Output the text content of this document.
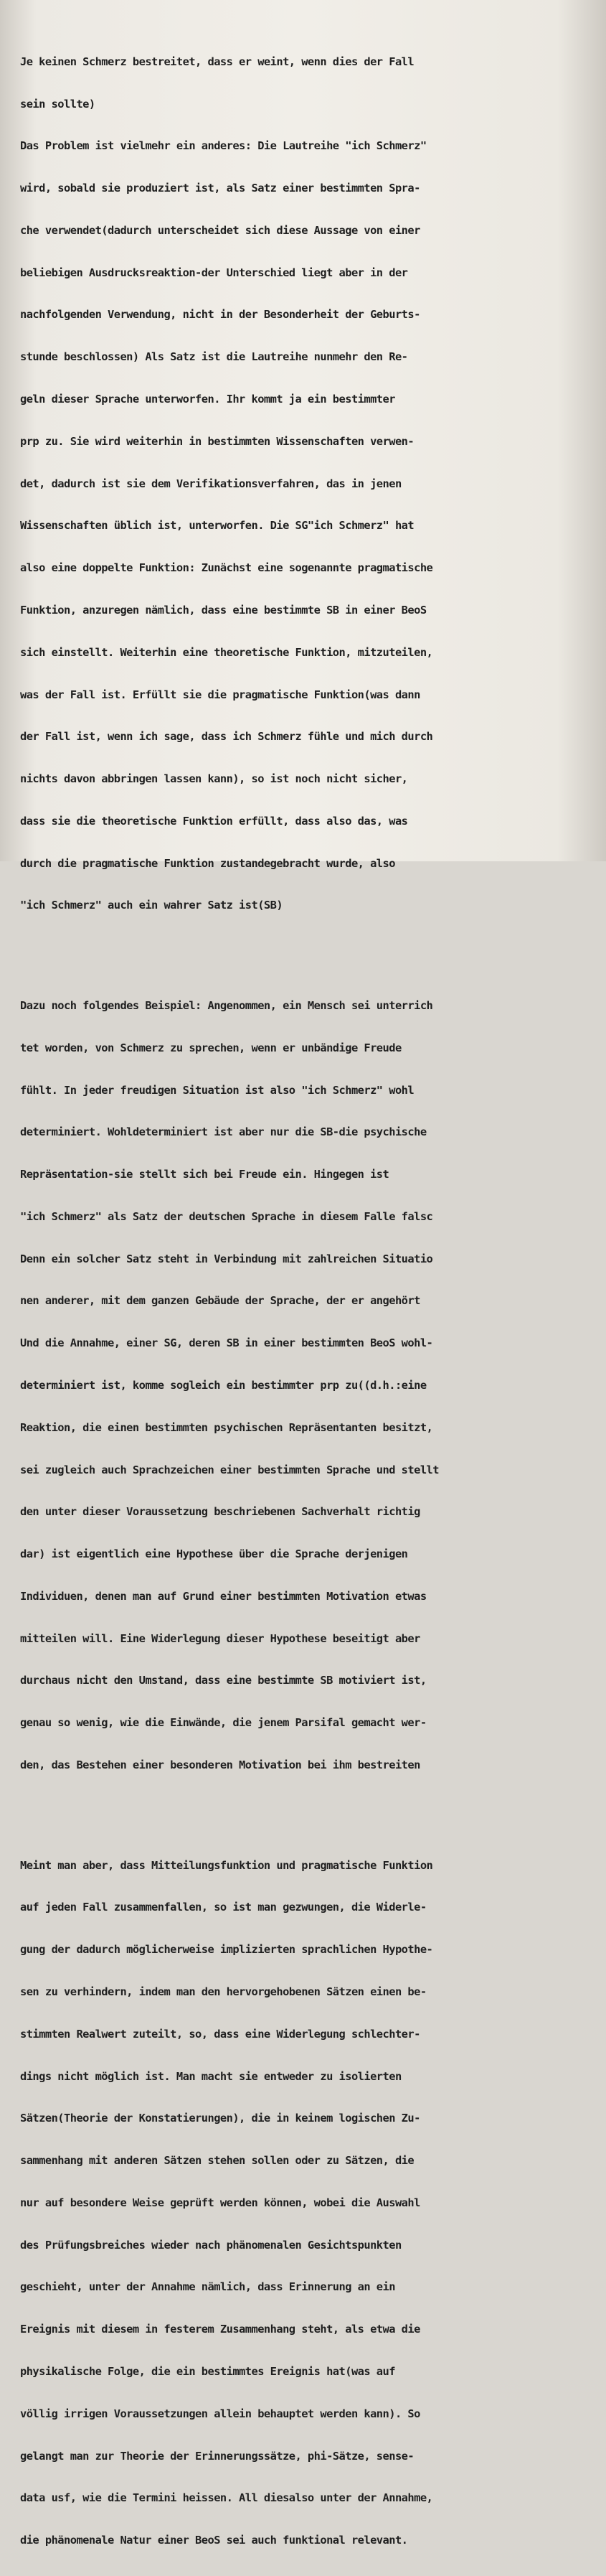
Je keinen Schmerz bestreitet, dass er weint, wenn dies der Fall

sein sollte)

Das Problem ist vielmehr ein anderes: Die Lautreihe "ich Schmerz"

wird, sobald sie produziert ist, als Satz einer bestimmten Spra-

che verwendet(dadurch unterscheidet sich diese Aussage von einer

beliebigen Ausdrucksreaktion-der Unterschied liegt aber in der

nachfolgenden Verwendung, nicht in der Besonderheit der Geburts-

stunde beschlossen) Als Satz ist die Lautreihe nunmehr den Re-

geln dieser Sprache unterworfen. Ihr kommt ja ein bestimmter

prp zu. Sie wird weiterhin in bestimmten Wissenschaften verwen-

det, dadurch ist sie dem Verifikationsverfahren, das in jenen

Wissenschaften üblich ist, unterworfen. Die SG"ich Schmerz" hat

also eine doppelte Funktion: Zunächst eine sogenannte pragmatische

Funktion, anzuregen nämlich, dass eine bestimmte SB in einer BeoS

sich einstellt. Weiterhin eine theoretische Funktion, mitzuteilen,

was der Fall ist. Erfüllt sie die pragmatische Funktion(was dann

der Fall ist, wenn ich sage, dass ich Schmerz fühle und mich durch

nichts davon abbringen lassen kann), so ist noch nicht sicher,

dass sie die theoretische Funktion erfüllt, dass also das, was

durch die pragmatische Funktion zustandegebracht wurde, also

"ich Schmerz" auch ein wahrer Satz ist(SB)

Dazu noch folgendes Beispiel: Angenommen, ein Mensch sei unterrich

tet worden, von Schmerz zu sprechen, wenn er unbändige Freude

fühlt. In jeder freudigen Situation ist also "ich Schmerz" wohl

determiniert. Wohldeterminiert ist aber nur die SB-die psychische

Repräsentation-sie stellt sich bei Freude ein. Hingegen ist

"ich Schmerz" als Satz der deutschen Sprache in diesem Falle falsc

Denn ein solcher Satz steht in Verbindung mit zahlreichen Situatio

nen anderer, mit dem ganzen Gebäude der Sprache, der er angehört

Und die Annahme, einer SG, deren SB in einer bestimmten BeoS wohl-

determiniert ist, komme sogleich ein bestimmter prp zu((d.h.:eine

Reaktion, die einen bestimmten psychischen Repräsentanten besitzt,

sei zugleich auch Sprachzeichen einer bestimmten Sprache und stellt

den unter dieser Voraussetzung beschriebenen Sachverhalt richtig

dar) ist eigentlich eine Hypothese über die Sprache derjenigen

Individuen, denen man auf Grund einer bestimmten Motivation etwas

mitteilen will. Eine Widerlegung dieser Hypothese beseitigt aber

durchaus nicht den Umstand, dass eine bestimmte SB motiviert ist,

genau so wenig, wie die Einwände, die jenem Parsifal gemacht wer-

den, das Bestehen einer besonderen Motivation bei ihm bestreiten

Meint man aber, dass Mitteilungsfunktion und pragmatische Funktion

auf jeden Fall zusammenfallen, so ist man gezwungen, die Widerle-

gung der dadurch möglicherweise implizierten sprachlichen Hypothe-

sen zu verhindern, indem man den hervorgehobenen Sätzen einen be-

stimmten Realwert zuteilt, so, dass eine Widerlegung schlechter-

dings nicht möglich ist. Man macht sie entweder zu isolierten

Sätzen(Theorie der Konstatierungen), die in keinem logischen Zu-

sammenhang mit anderen Sätzen stehen sollen oder zu Sätzen, die

nur auf besondere Weise geprüft werden können, wobei die Auswahl

des Prüfungsbreiches wieder nach phänomenalen Gesichtspunkten

geschieht, unter der Annahme nämlich, dass Erinnerung an ein

Ereignis mit diesem in festerem Zusammenhang steht, als etwa die

physikalische Folge, die ein bestimmtes Ereignis hat(was auf

völlig irrigen Voraussetzungen allein behauptet werden kann). So

gelangt man zur Theorie der Erinnerungssätze, phi-Sätze, sense-

data usf, wie die Termini heissen. All diesalso unter der Annahme,

die phänomenale Natur einer BeoS sei auch funktional relevant.
